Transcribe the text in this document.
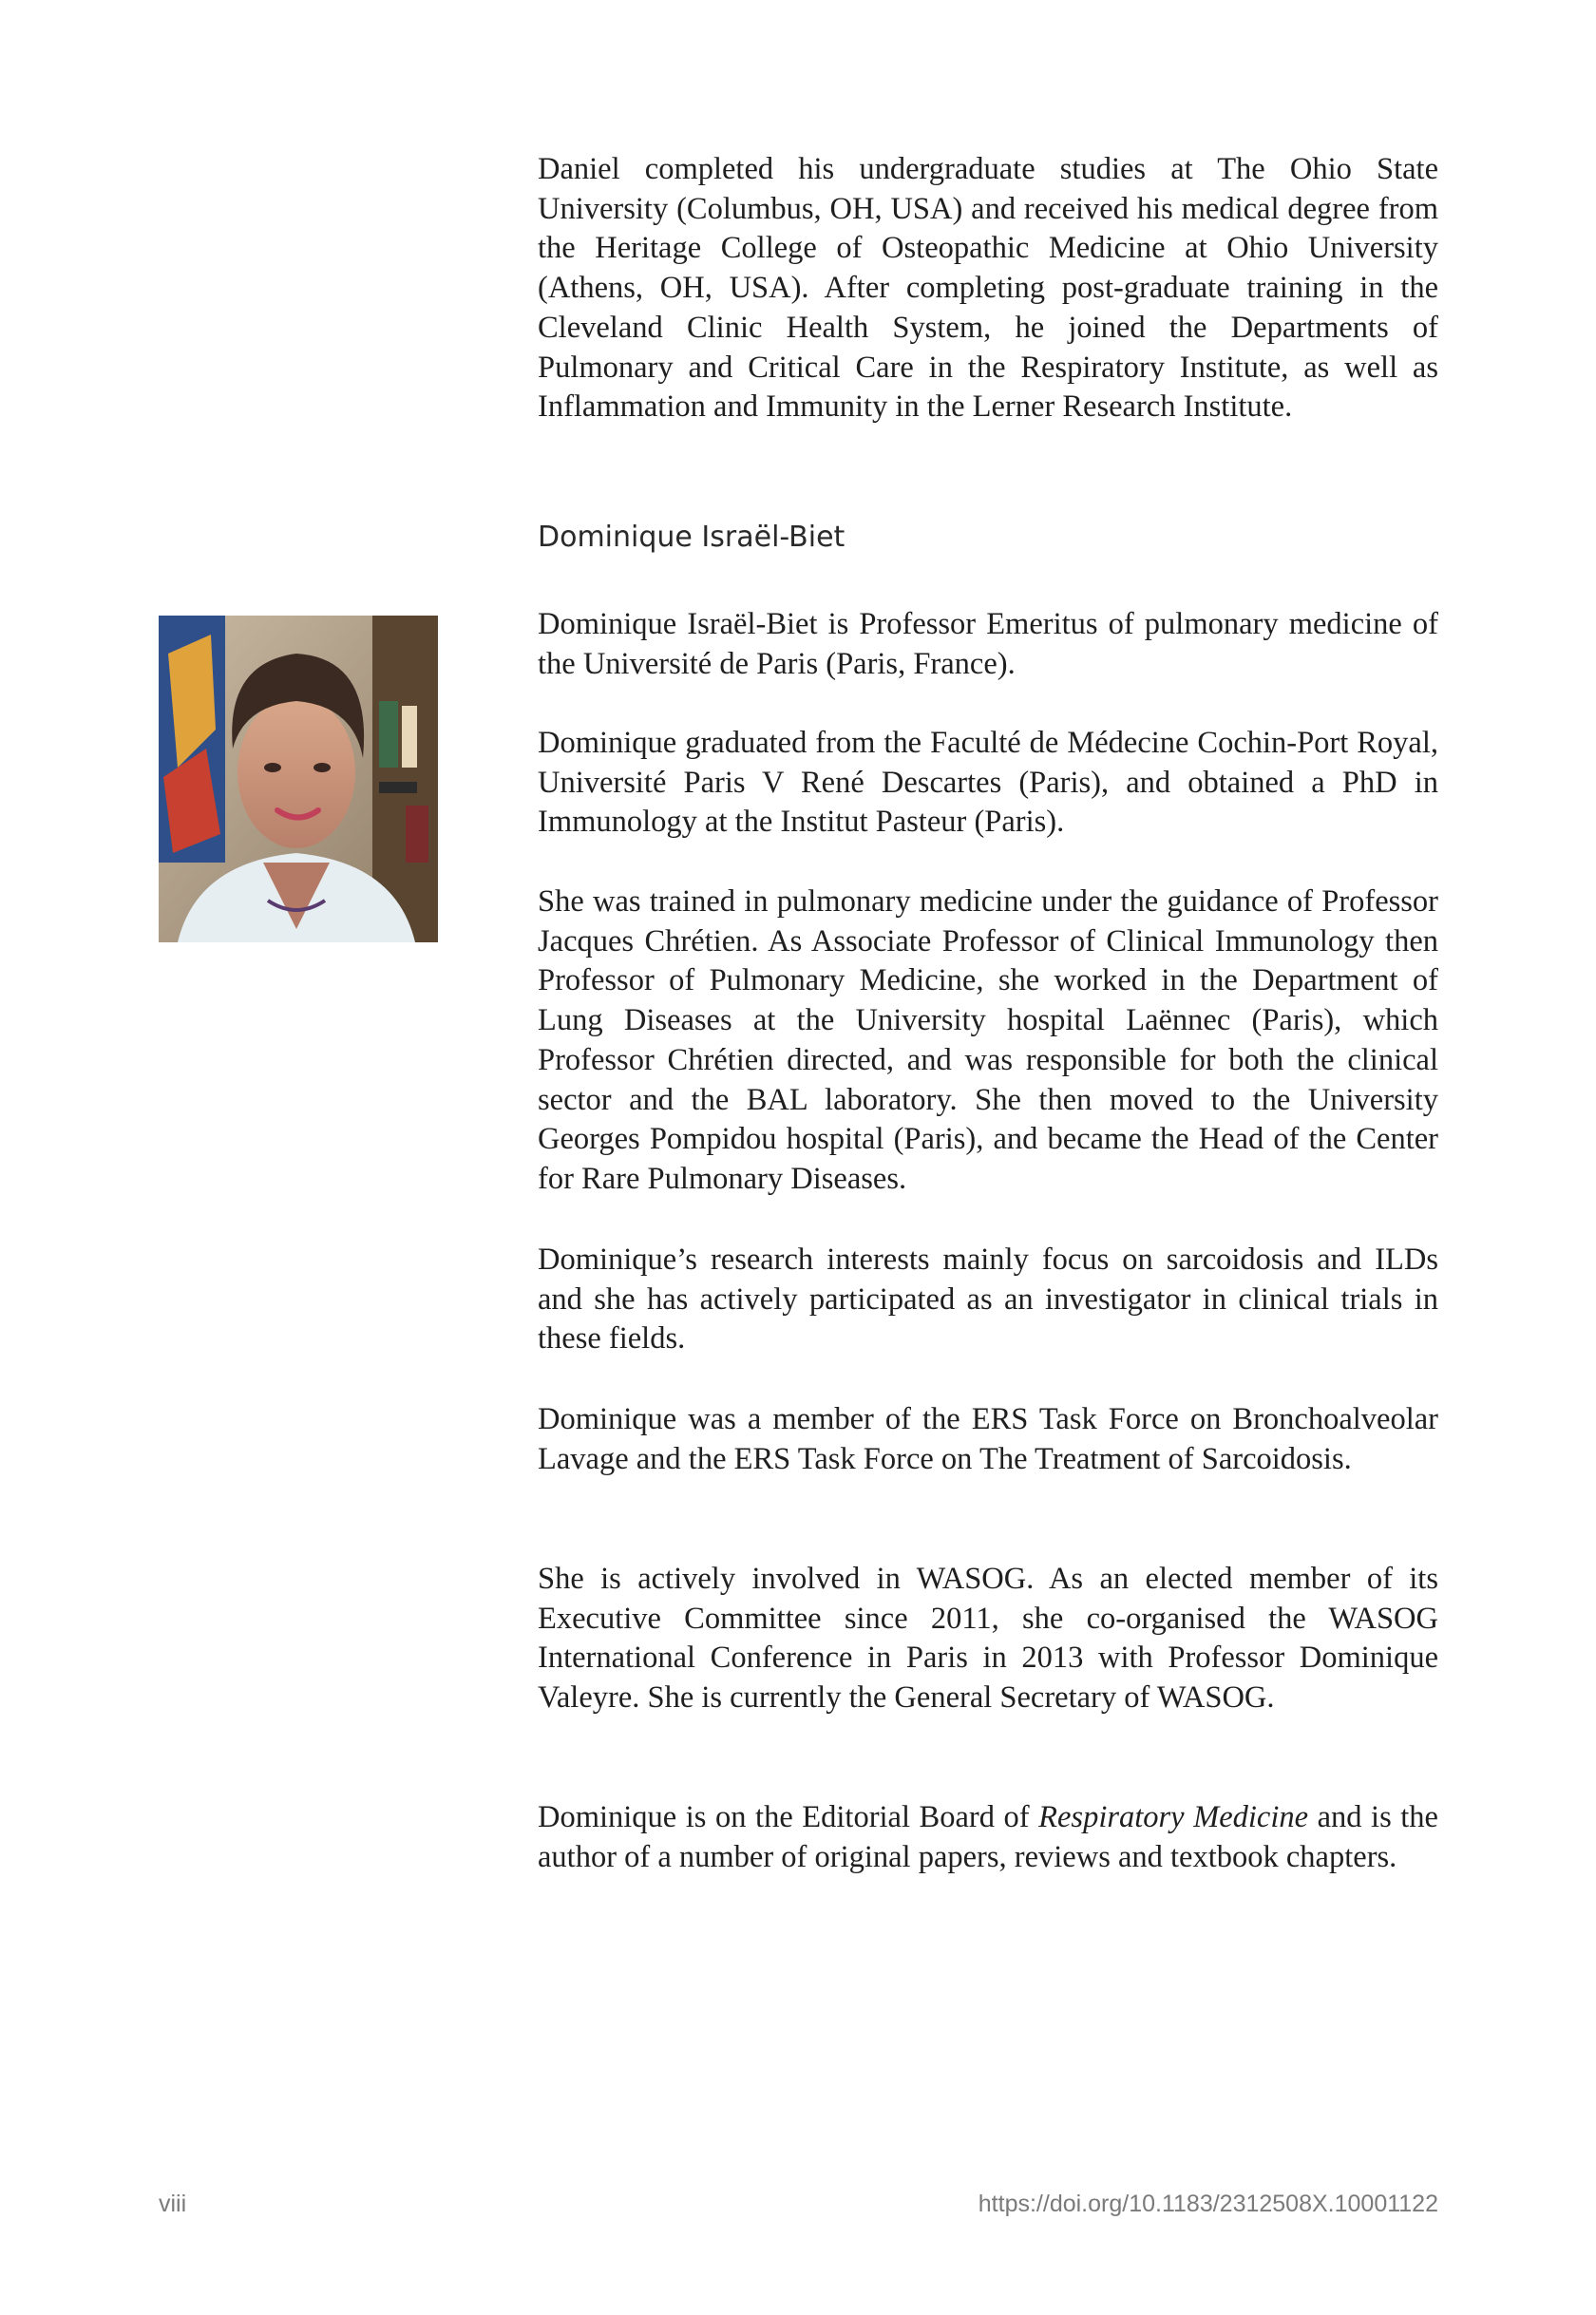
Daniel completed his undergraduate studies at The Ohio State University (Columbus, OH, USA) and received his medical degree from the Heritage College of Osteopathic Medicine at Ohio University (Athens, OH, USA). After completing post-graduate training in the Cleveland Clinic Health System, he joined the Departments of Pulmonary and Critical Care in the Respiratory Institute, as well as Inflammation and Immunity in the Lerner Research Institute.

Dominique Israël-Biet

Dominique Israël-Biet is Professor Emeritus of pulmonary medicine of the Université de Paris (Paris, France).

Dominique graduated from the Faculté de Médecine Cochin-Port Royal, Université Paris V René Descartes (Paris), and obtained a PhD in Immunology at the Institut Pasteur (Paris).

She was trained in pulmonary medicine under the guidance of Professor Jacques Chrétien. As Associate Professor of Clinical Immunology then Professor of Pulmonary Medicine, she worked in the Department of Lung Diseases at the University hospital Laënnec (Paris), which Professor Chrétien directed, and was responsible for both the clinical sector and the BAL laboratory. She then moved to the University Georges Pompidou hospital (Paris), and became the Head of the Center for Rare Pulmonary Diseases.

Dominique’s research interests mainly focus on sarcoidosis and ILDs and she has actively participated as an investigator in clinical trials in these fields.

Dominique was a member of the ERS Task Force on Bronchoalveolar Lavage and the ERS Task Force on The Treatment of Sarcoidosis.

She is actively involved in WASOG. As an elected member of its Executive Committee since 2011, she co-organised the WASOG International Conference in Paris in 2013 with Professor Dominique Valeyre. She is currently the General Secretary of WASOG.

Dominique is on the Editorial Board of Respiratory Medicine and is the author of a number of original papers, reviews and textbook chapters.

viii	https://doi.org/10.1183/2312508X.10001122
